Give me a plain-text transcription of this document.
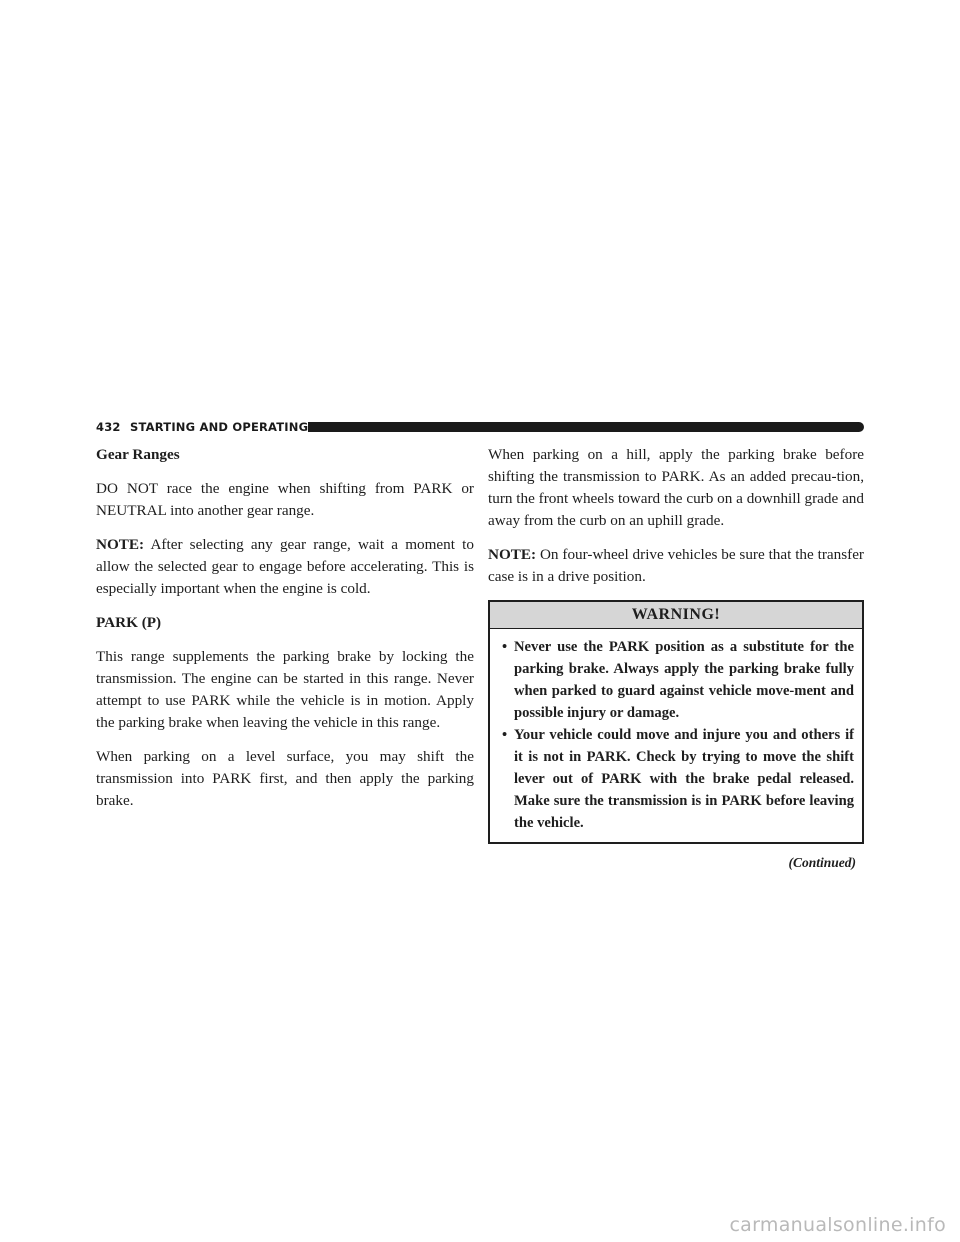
432 STARTING AND OPERATING
Gear Ranges

DO NOT race the engine when shifting from PARK or NEUTRAL into another gear range.

NOTE: After selecting any gear range, wait a moment to allow the selected gear to engage before accelerating. This is especially important when the engine is cold.

PARK (P)

This range supplements the parking brake by locking the transmission. The engine can be started in this range. Never attempt to use PARK while the vehicle is in motion. Apply the parking brake when leaving the vehicle in this range.

When parking on a level surface, you may shift the transmission into PARK first, and then apply the parking brake.

When parking on a hill, apply the parking brake before shifting the transmission to PARK. As an added precau-tion, turn the front wheels toward the curb on a downhill grade and away from the curb on an uphill grade.

NOTE: On four-wheel drive vehicles be sure that the transfer case is in a drive position.

WARNING!
• Never use the PARK position as a substitute for the parking brake. Always apply the parking brake fully when parked to guard against vehicle move-ment and possible injury or damage.
• Your vehicle could move and injure you and others if it is not in PARK. Check by trying to move the shift lever out of PARK with the brake pedal released. Make sure the transmission is in PARK before leaving the vehicle.
(Continued)
carmanualsonline.info
